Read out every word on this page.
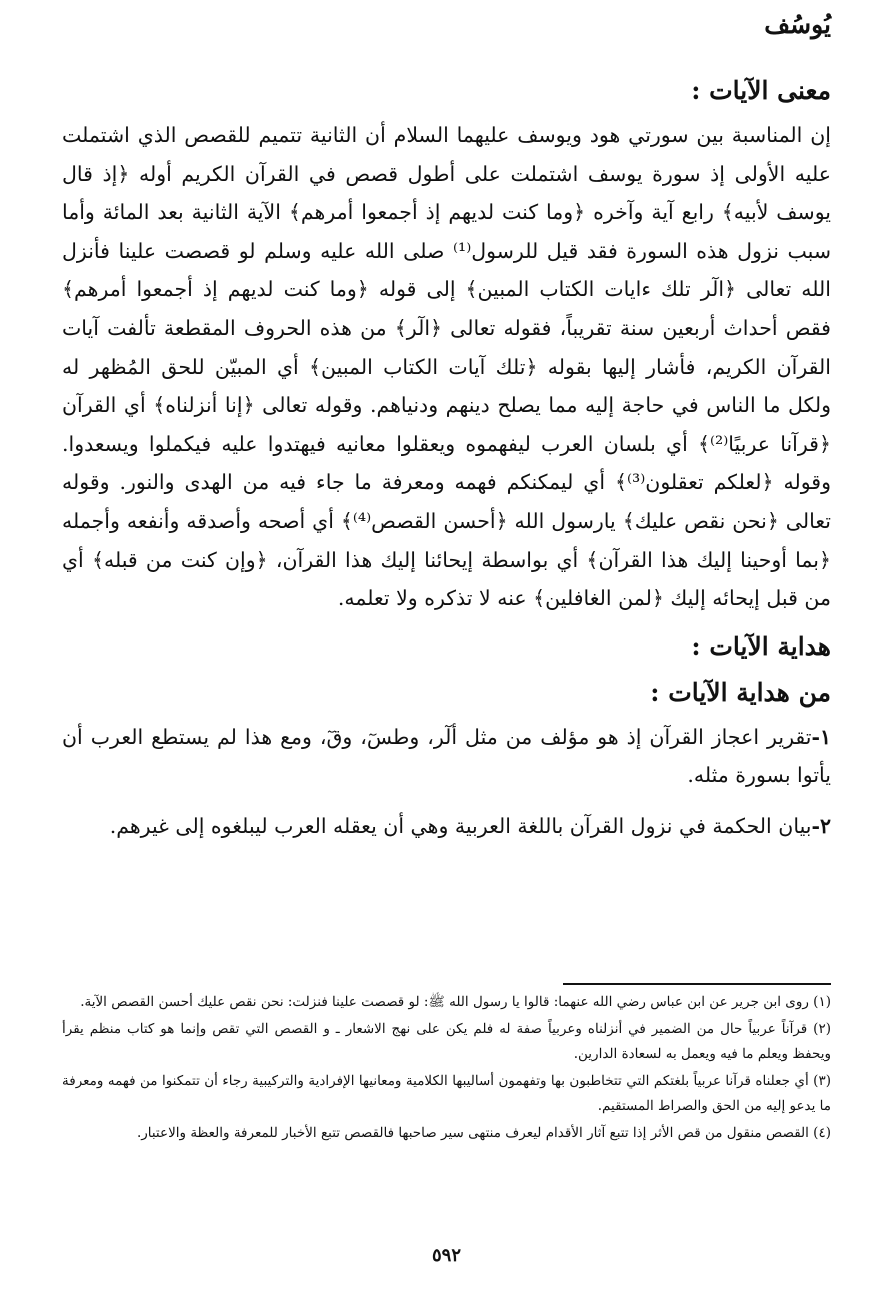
يُوسُف
معنى الآيات :

إن المناسبة بين سورتي هود ويوسف عليهما السلام أن الثانية تتميم للقصص الذي اشتملت عليه الأولى إذ سورة يوسف اشتملت على أطول قصص في القرآن الكريم أوله ﴿إذ قال يوسف لأبيه﴾ رابع آية وآخره ﴿وما كنت لديهم إذ أجمعوا أمرهم﴾ الآية الثانية بعد المائة وأما سبب نزول هذه السورة فقد قيل للرسول⁽¹⁾ صلى الله عليه وسلم لو قصصت علينا فأنزل الله تعالى ﴿الٓر تلك ءايات الكتاب المبين﴾ إلى قوله ﴿وما كنت لديهم إذ أجمعوا أمرهم﴾ فقص أحداث أربعين سنة تقريباً، فقوله تعالى ﴿الٓر﴾ من هذه الحروف المقطعة تألفت آيات القرآن الكريم، فأشار إليها بقوله ﴿تلك آيات الكتاب المبين﴾ أي المبيّن للحق المُظهر له ولكل ما الناس في حاجة إليه مما يصلح دينهم ودنياهم. وقوله تعالى ﴿إنا أنزلناه﴾ أي القرآن ﴿قرآنا عربيًا⁽²⁾﴾ أي بلسان العرب ليفهموه ويعقلوا معانيه فيهتدوا عليه فيكملوا ويسعدوا. وقوله ﴿لعلكم تعقلون⁽³⁾﴾ أي ليمكنكم فهمه ومعرفة ما جاء فيه من الهدى والنور. وقوله تعالى ﴿نحن نقص عليك﴾ يارسول الله ﴿أحسن القصص⁽⁴⁾﴾ أي أصحه وأصدقه وأنفعه وأجمله ﴿بما أوحينا إليك هذا القرآن﴾ أي بواسطة إيحائنا إليك هذا القرآن، ﴿وإن كنت من قبله﴾ أي من قبل إيحائه إليك ﴿لمن الغافلين﴾ عنه لا تذكره ولا تعلمه.

هداية الآيات :
من هداية الآيات :
١-تقرير اعجاز القرآن إذ هو مؤلف من مثل ألٓر، وطسٓ، وقٓ، ومع هذا لم يستطع العرب أن يأتوا بسورة مثله.
٢-بيان الحكمة في نزول القرآن باللغة العربية وهي أن يعقله العرب ليبلغوه إلى غيرهم.

(١) روى ابن جرير عن ابن عباس رضي الله عنهما: قالوا يا رسول الله ﷺ: لو قصصت علينا فنزلت: نحن نقص عليك أحسن القصص الآية.

(٢) قرآناً عربياً حال من الضمير في أنزلناه وعربياً صفة له فلم يكن على نهج الاشعار ـ و القصص التي تقص وإنما هو كتاب منظم يقرأ ويحفظ ويعلم ما فيه ويعمل به لسعادة الدارين.

(٣) أي جعلناه قرآنا عربياً بلغتكم التي تتخاطبون بها وتفهمون أساليبها الكلامية ومعانيها الإفرادية والتركيبية رجاء أن تتمكنوا من فهمه ومعرفة ما يدعو إليه من الحق والصراط المستقيم.

(٤) القصص منقول من قص الأثر إذا تتبع آثار الأقدام ليعرف منتهى سير صاحبها فالقصص تتبع الأخبار للمعرفة والعظة والاعتبار.

٥٩٢
